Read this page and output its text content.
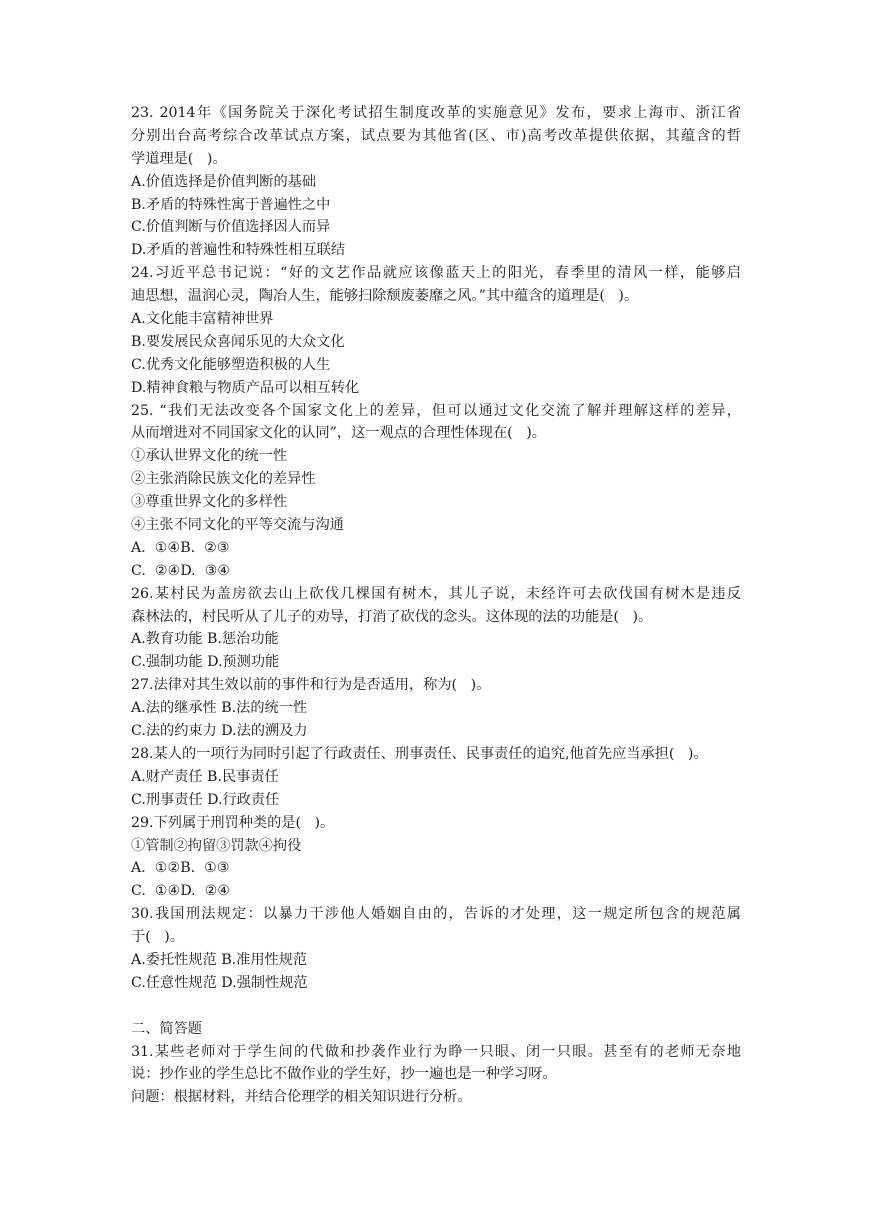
23. 2014年《国务院关于深化考试招生制度改革的实施意见》发布，要求上海市、浙江省
分别出台高考综合改革试点方案，试点要为其他省(区、市)高考改革提供依据，其蕴含的哲
学道理是(   )。
A.价值选择是价值判断的基础
B.矛盾的特殊性寓于普遍性之中
C.价值判断与价值选择因人而异
D.矛盾的普遍性和特殊性相互联结
24.习近平总书记说：“好的文艺作品就应该像蓝天上的阳光，春季里的清风一样，能够启
迪思想，温润心灵，陶冶人生，能够扫除颓废萎靡之风。”其中蕴含的道理是(   )。
A.文化能丰富精神世界
B.要发展民众喜闻乐见的大众文化
C.优秀文化能够塑造积极的人生
D.精神食粮与物质产品可以相互转化
25. “我们无法改变各个国家文化上的差异，但可以通过文化交流了解并理解这样的差异，
从而增进对不同国家文化的认同”，这一观点的合理性体现在(   )。
①承认世界文化的统一性
②主张消除民族文化的差异性
③尊重世界文化的多样性
④主张不同文化的平等交流与沟通
A.  ①④B.  ②③
C.  ②④D.  ③④
26.某村民为盖房欲去山上砍伐几棵国有树木，其儿子说，未经许可去砍伐国有树木是违反
森林法的，村民听从了儿子的劝导，打消了砍伐的念头。这体现的法的功能是(   )。
A.教育功能 B.惩治功能
C.强制功能 D.预测功能
27.法律对其生效以前的事件和行为是否适用，称为(   )。
A.法的继承性 B.法的统一性
C.法的约束力 D.法的溯及力
28.某人的一项行为同时引起了行政责任、刑事责任、民事责任的追究,他首先应当承担(   )。
A.财产责任 B.民事责任
C.刑事责任 D.行政责任
29.下列属于刑罚种类的是(   )。
①管制②拘留③罚款④拘役
A.  ①②B.  ①③
C.  ①④D.  ②④
30.我国刑法规定：以暴力干涉他人婚姻自由的，告诉的才处理，这一规定所包含的规范属
于(   )。
A.委托性规范 B.准用性规范
C.任意性规范 D.强制性规范
二、简答题
31.某些老师对于学生间的代做和抄袭作业行为睁一只眼、闭一只眼。甚至有的老师无奈地
说：抄作业的学生总比不做作业的学生好，抄一遍也是一种学习呀。
问题：根据材料，并结合伦理学的相关知识进行分析。
